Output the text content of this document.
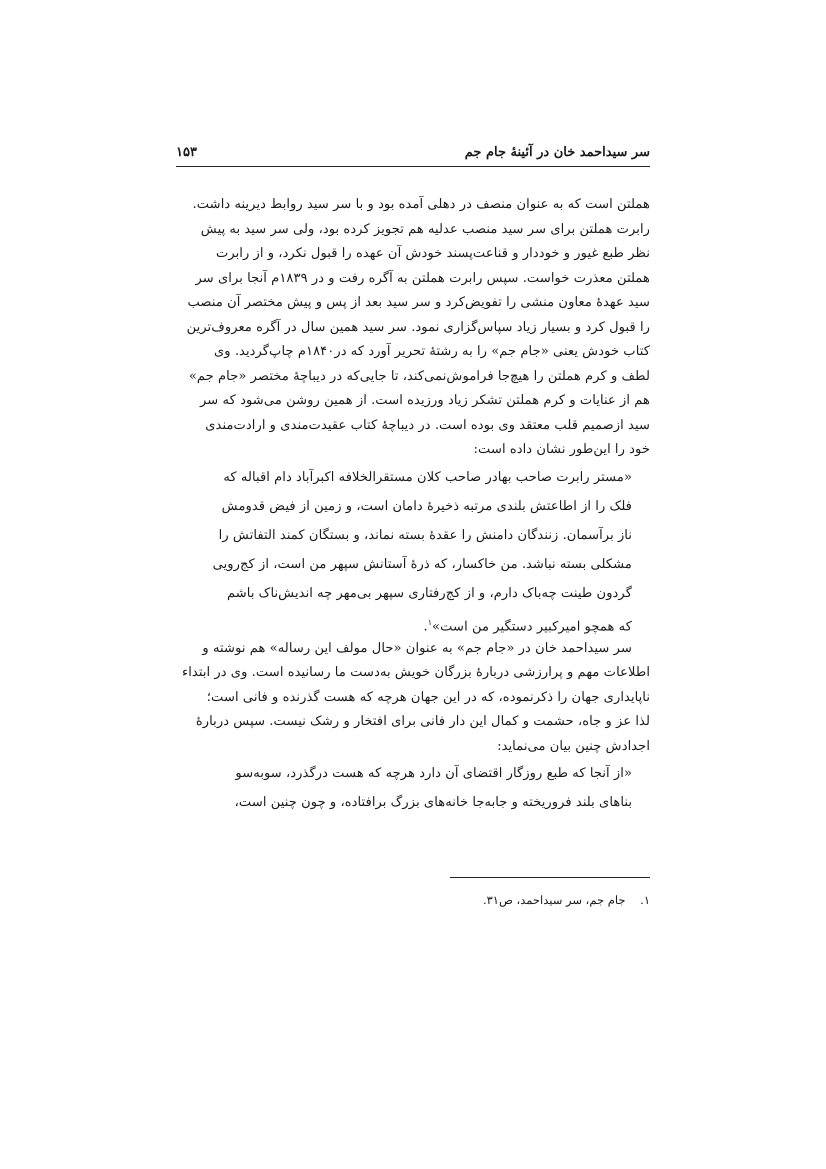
سر سیداحمد خان در آئینهٔ جام جم
۱۵۳
هملتن است که به عنوان منصف در دهلی آمده بود و با سر سید روابط دیرینه داشت.
رابرت هملتن برای سر سید منصب عدلیه هم تجویز کرده بود، ولی سر سید به پیش
نظر طبع غیور و خوددار و قناعت‌پسند خودش آن عهده را قبول نکرد، و از رابرت
هملتن معذرت خواست. سپس رابرت هملتن به آگره رفت و در ۱۸۳۹م آنجا برای سر
سید عهدهٔ معاون منشی را تفویض‌کرد و سر سید بعد از پس و پیش مختصر آن منصب
را قبول کرد و بسیار زیاد سپاس‌گزاری نمود. سر سید همین سال در آگره معروف‌ترین
کتاب خودش یعنی «جام جم» را به رشتهٔ تحریر آورد که در۱۸۴۰م چاپ‌گردید. وی
لطف و کرم هملتن را هیچ‌جا فراموش‌نمی‌کند، تا جایی‌که در دیباچهٔ مختصر «جام جم»
هم از عنایات و کرم هملتن تشکر زیاد ورزیده است. از همین روشن می‌شود که سر
سید ازصمیم قلب معتقد وی بوده است. در دیباچهٔ کتاب عقیدت‌مندی و ارادت‌مندی
خود را این‌طور نشان داده است:
«مستر رابرت صاحب بهادر صاحب کلان مستقرالخلافه اکبرآباد دام اقباله که
فلک را از اطاعتش بلندی مرتبه ذخیرهٔ دامان است، و زمین از فیض قدومش
ناز برآسمان. زنندگان دامنش را عقدهٔ بسته نماند، و بستگان کمند التفاتش را
مشکلی بسته نباشد. من خاکسار، که ذرهٔ آستانش سپهر من است، از کج‌رویی
گردون طینت چه‌باک دارم، و از کج‌رفتاری سپهر بی‌مهر چه اندیش‌ناک باشم
که همچو امیرکبیر دستگیر من است»$^۱$.
سر سیداحمد خان در «جام جم» به عنوان «حال مولف این رساله» هم نوشته و
اطلاعات مهم و پرارزشی دربارهٔ بزرگان خویش به‌دست ما رسانیده است. وی در ابتداء
ناپایداری جهان را ذکرنموده، که در این جهان هرچه که هست گذرنده و فانی است؛
لذا عز و جاه، حشمت و کمال این دار فانی برای افتخار و رشک نیست. سپس دربارهٔ
اجدادش چنین بیان می‌نماید:
«از آنجا که طبع روزگار اقتضای آن دارد هرچه که هست درگذرد، سوبه‌سو
بناهای بلند فروریخته و جابه‌جا خانه‌های بزرگ برافتاده، و چون چنین است،
۱.    جام جم، سر سیداحمد، ص۳۱.
